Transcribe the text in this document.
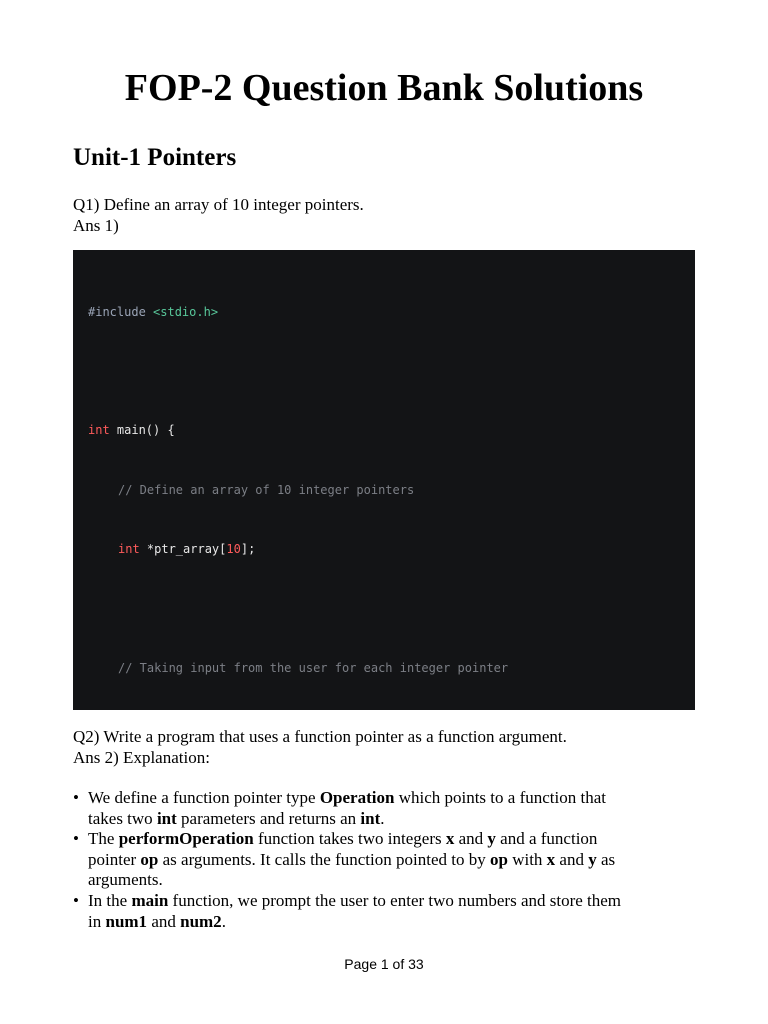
FOP-2 Question Bank Solutions
Unit-1 Pointers
Q1) Define an array of 10 integer pointers.
Ans 1)

#include <stdio.h>

int main() {

// Define an array of 10 integer pointers

int *ptr_array[10];

// Taking input from the user for each integer pointer

Q2) Write a program that uses a function pointer as a function argument.
Ans 2) Explanation:
• We define a function pointer type Operation which points to a function that
takes two int parameters and returns an int.
• The performOperation function takes two integers x and y and a function
pointer op as arguments. It calls the function pointed to by op with x and y as
arguments.
• In the main function, we prompt the user to enter two numbers and store them
in num1 and num2.
Page 1 of 33
